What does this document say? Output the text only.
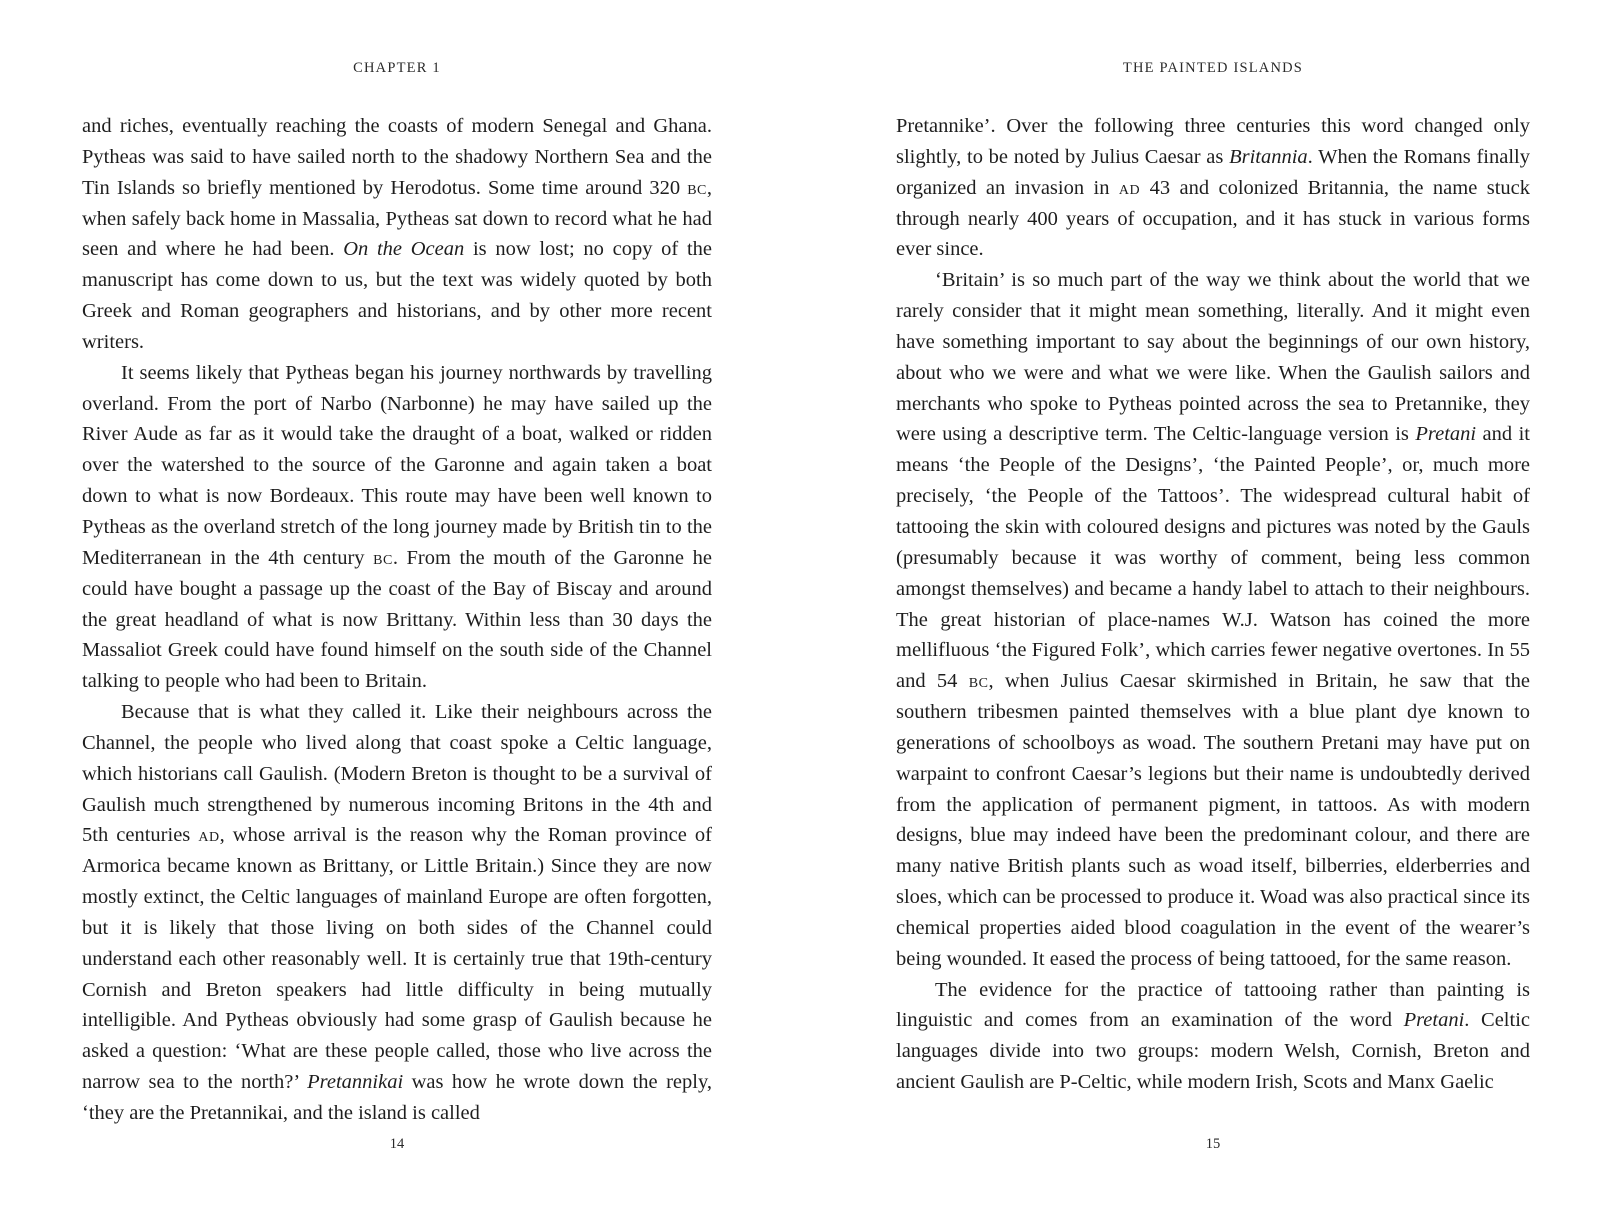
CHAPTER 1

and riches, eventually reaching the coasts of modern Senegal and Ghana. Pytheas was said to have sailed north to the shadowy Northern Sea and the Tin Islands so briefly mentioned by Herodotus. Some time around 320 bc, when safely back home in Massalia, Pytheas sat down to record what he had seen and where he had been. On the Ocean is now lost; no copy of the manuscript has come down to us, but the text was widely quoted by both Greek and Roman geographers and historians, and by other more recent writers.

It seems likely that Pytheas began his journey northwards by travelling overland. From the port of Narbo (Narbonne) he may have sailed up the River Aude as far as it would take the draught of a boat, walked or ridden over the watershed to the source of the Garonne and again taken a boat down to what is now Bordeaux. This route may have been well known to Pytheas as the overland stretch of the long journey made by British tin to the Mediterranean in the 4th century bc. From the mouth of the Garonne he could have bought a passage up the coast of the Bay of Biscay and around the great headland of what is now Brittany. Within less than 30 days the Massaliot Greek could have found himself on the south side of the Channel talking to people who had been to Britain.

Because that is what they called it. Like their neighbours across the Channel, the people who lived along that coast spoke a Celtic language, which historians call Gaulish. (Modern Breton is thought to be a survival of Gaulish much strengthened by numerous incoming Britons in the 4th and 5th centuries ad, whose arrival is the reason why the Roman province of Armorica became known as Brittany, or Little Britain.) Since they are now mostly extinct, the Celtic languages of mainland Europe are often forgotten, but it is likely that those living on both sides of the Channel could understand each other reasonably well. It is certainly true that 19th-century Cornish and Breton speakers had little difficulty in being mutually intelligible. And Pytheas obviously had some grasp of Gaulish because he asked a question: ‘What are these people called, those who live across the narrow sea to the north?’ Pretannikai was how he wrote down the reply, ‘they are the Pretannikai, and the island is called

14
THE PAINTED ISLANDS

Pretannike’. Over the following three centuries this word changed only slightly, to be noted by Julius Caesar as Britannia. When the Romans finally organized an invasion in ad 43 and colonized Britannia, the name stuck through nearly 400 years of occupation, and it has stuck in various forms ever since.

‘Britain’ is so much part of the way we think about the world that we rarely consider that it might mean something, literally. And it might even have something important to say about the beginnings of our own history, about who we were and what we were like. When the Gaulish sailors and merchants who spoke to Pytheas pointed across the sea to Pretannike, they were using a descriptive term. The Celtic-language version is Pretani and it means ‘the People of the Designs’, ‘the Painted People’, or, much more precisely, ‘the People of the Tattoos’. The widespread cultural habit of tattooing the skin with coloured designs and pictures was noted by the Gauls (presumably because it was worthy of comment, being less common amongst themselves) and became a handy label to attach to their neighbours. The great historian of place-names W.J. Watson has coined the more mellifluous ‘the Figured Folk’, which carries fewer negative overtones. In 55 and 54 bc, when Julius Caesar skirmished in Britain, he saw that the southern tribesmen painted themselves with a blue plant dye known to generations of schoolboys as woad. The southern Pretani may have put on warpaint to confront Caesar’s legions but their name is undoubtedly derived from the application of permanent pigment, in tattoos. As with modern designs, blue may indeed have been the predominant colour, and there are many native British plants such as woad itself, bilberries, elderberries and sloes, which can be processed to produce it. Woad was also practical since its chemical properties aided blood coagulation in the event of the wearer’s being wounded. It eased the process of being tattooed, for the same reason.

The evidence for the practice of tattooing rather than painting is linguistic and comes from an examination of the word Pretani. Celtic languages divide into two groups: modern Welsh, Cornish, Breton and ancient Gaulish are P-Celtic, while modern Irish, Scots and Manx Gaelic

15
